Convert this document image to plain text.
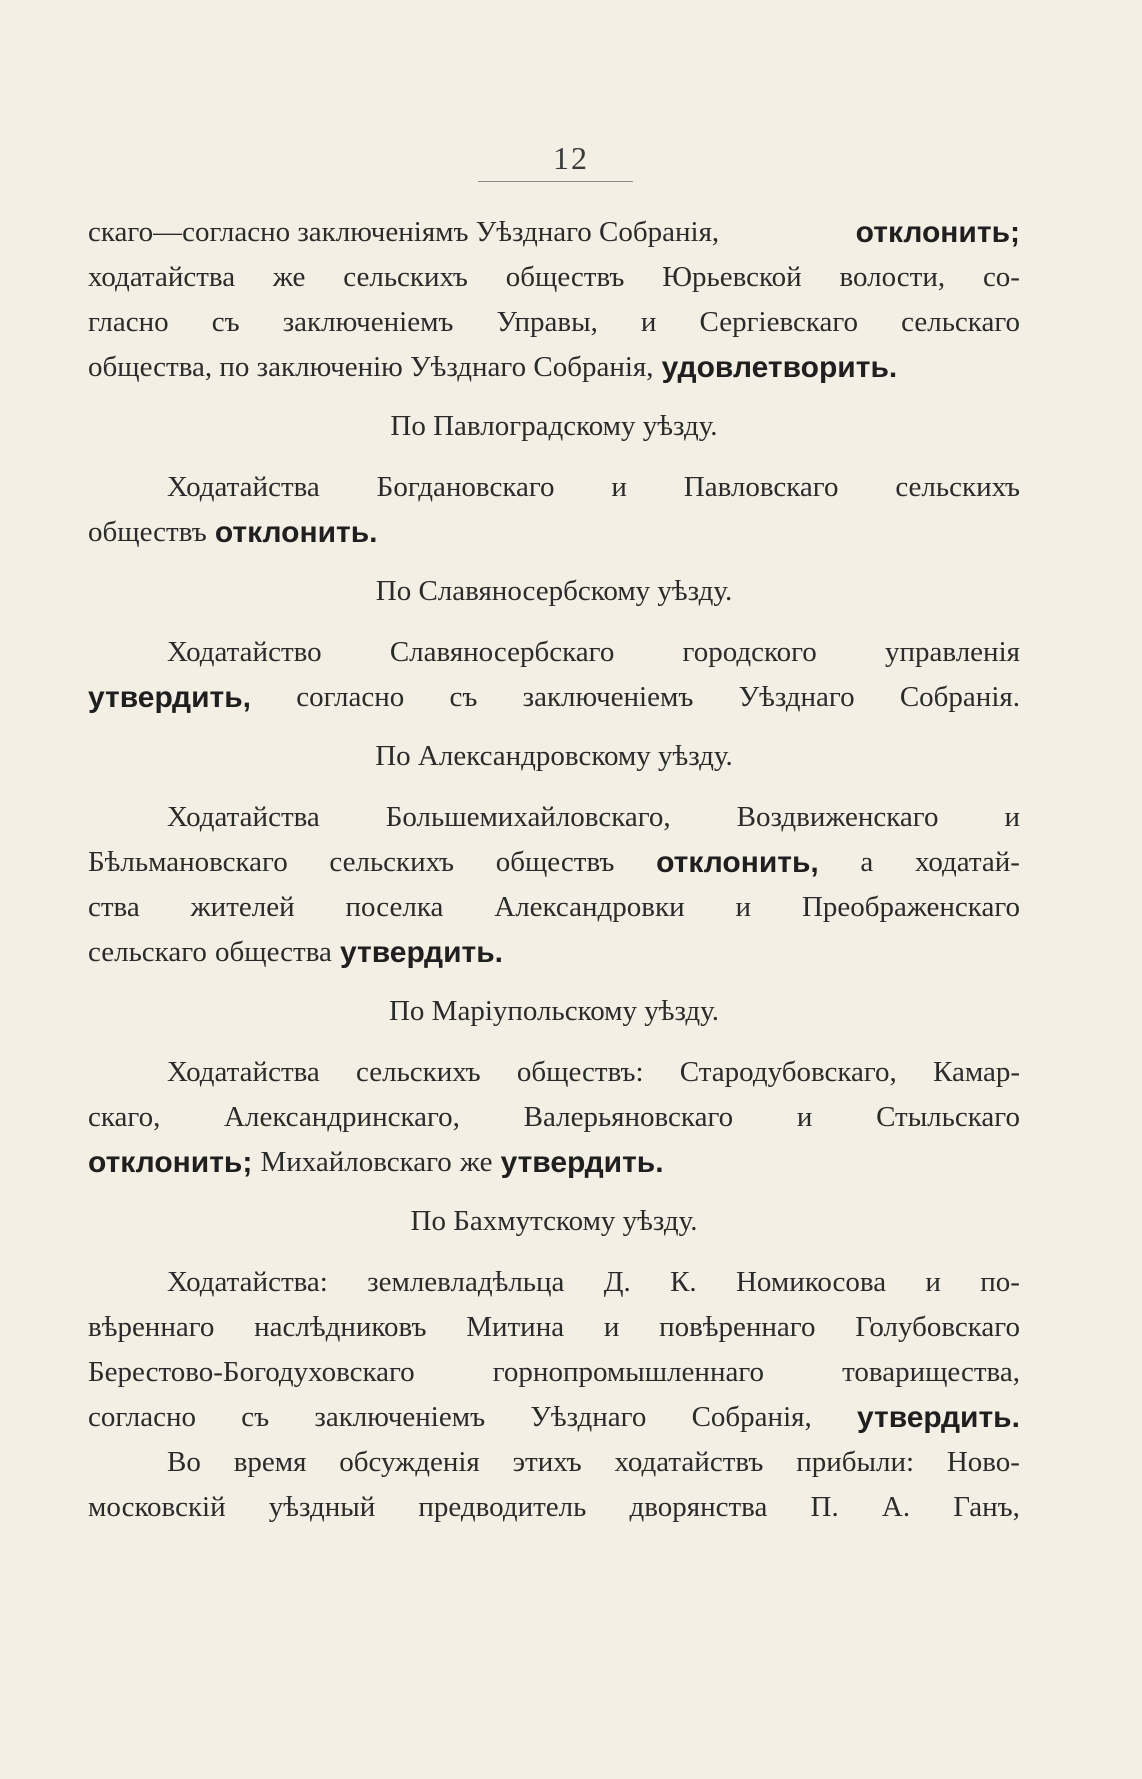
12
скаго—согласно заключеніямъ Уѣзднаго Собранія,	отклонить;
ходатайства же сельскихъ обществъ Юрьевской волости, со-
гласно съ заключеніемъ Управы, и Сергіевскаго сельскаго
общества, по заключенію Уѣзднаго Собранія, удовлетворить.
По Павлоградскому уѣзду.
Ходатайства Богдановскаго и Павловскаго сельскихъ
обществъ отклонить.
По Славяносербскому уѣзду.
Ходатайство Славяносербскаго городского управленія
утвердить, согласно съ заключеніемъ Уѣзднаго Собранія.
По Александровскому уѣзду.
Ходатайства Большемихайловскаго, Воздвиженскаго и
Бѣльмановскаго сельскихъ обществъ отклонить, а ходатай-
ства жителей поселка Александровки и Преображенскаго
сельскаго общества утвердить.
По Маріупольскому уѣзду.
Ходатайства сельскихъ обществъ: Стародубовскаго, Камар-
скаго, Александринскаго, Валерьяновскаго и Стыльскаго
отклонить; Михайловскаго же утвердить.
По Бахмутскому уѣзду.
Ходатайства: землевладѣльца Д. К. Номикосова и по-
вѣреннаго наслѣдниковъ Митина и повѣреннаго Голубовскаго
Берестово-Богодуховскаго	горнопромышленнаго	товарищества,
согласно съ заключеніемъ Уѣзднаго Собранія, утвердить.
Во время обсужденія этихъ ходатайствъ прибыли: Ново-
московскій уѣздный предводитель дворянства П. А. Ганъ,
